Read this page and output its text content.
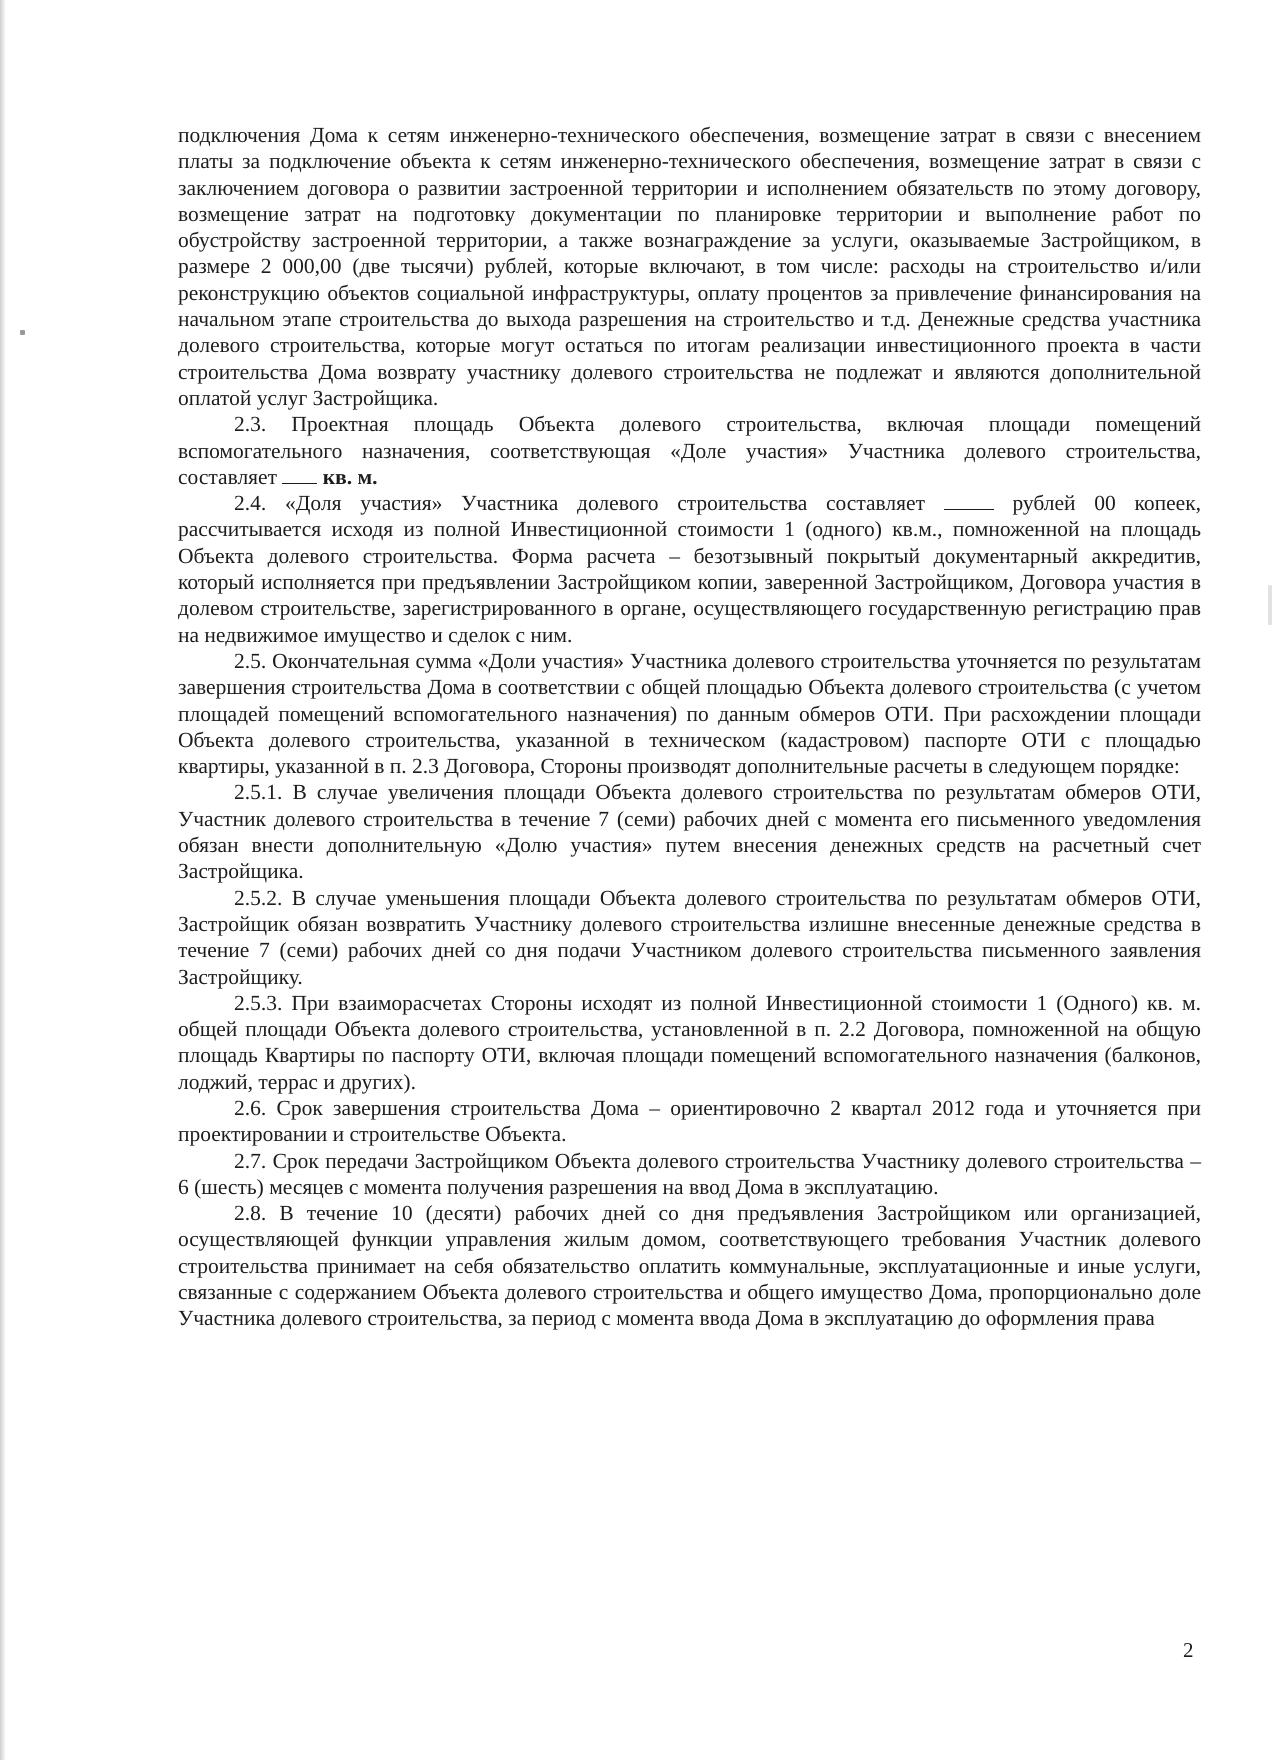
подключения Дома к сетям инженерно-технического обеспечения, возмещение затрат в связи с внесением платы за подключение объекта к сетям инженерно-технического обеспечения, возмещение затрат в связи с заключением договора о развитии застроенной территории и исполнением обязательств по этому договору, возмещение затрат на подготовку документации по планировке территории и выполнение работ по обустройству застроенной территории, а также вознаграждение за услуги, оказываемые Застройщиком, в размере 2 000,00 (две тысячи) рублей, которые включают, в том числе: расходы на строительство и/или реконструкцию объектов социальной инфраструктуры, оплату процентов за привлечение финансирования на начальном этапе строительства до выхода разрешения на строительство и т.д. Денежные средства участника долевого строительства, которые могут остаться по итогам реализации инвестиционного проекта в части строительства Дома возврату участнику долевого строительства не подлежат и являются дополнительной оплатой услуг Застройщика.

2.3. Проектная площадь Объекта долевого строительства, включая площади помещений вспомогательного назначения, соответствующая «Доле участия» Участника долевого строительства, составляет кв. м.

2.4. «Доля участия» Участника долевого строительства составляет	рублей 00 копеек, рассчитывается исходя из полной Инвестиционной стоимости 1 (одного) кв.м., помноженной на площадь Объекта долевого строительства. Форма расчета – безотзывный покрытый документарный аккредитив, который исполняется при предъявлении Застройщиком копии, заверенной Застройщиком, Договора участия в долевом строительстве, зарегистрированного в органе, осуществляющего государственную регистрацию прав на недвижимое имущество и сделок с ним.

2.5. Окончательная сумма «Доли участия» Участника долевого строительства уточняется по результатам завершения строительства Дома в соответствии с общей площадью Объекта долевого строительства (с учетом площадей помещений вспомогательного назначения) по данным обмеров ОТИ. При расхождении площади Объекта долевого строительства, указанной в техническом (кадастровом) паспорте ОТИ с площадью квартиры, указанной в п. 2.3 Договора, Стороны производят дополнительные расчеты в следующем порядке:

2.5.1. В случае увеличения площади Объекта долевого строительства по результатам обмеров ОТИ, Участник долевого строительства в течение 7 (семи) рабочих дней с момента его письменного уведомления обязан внести дополнительную «Долю участия» путем внесения денежных средств на расчетный счет Застройщика.

2.5.2. В случае уменьшения площади Объекта долевого строительства по результатам обмеров ОТИ, Застройщик обязан возвратить Участнику долевого строительства излишне внесенные денежные средства в течение 7 (семи) рабочих дней со дня подачи Участником долевого строительства письменного заявления Застройщику.

2.5.3. При взаиморасчетах Стороны исходят из полной Инвестиционной стоимости 1 (Одного) кв. м. общей площади Объекта долевого строительства, установленной в п. 2.2 Договора, помноженной на общую площадь Квартиры по паспорту ОТИ, включая площади помещений вспомогательного назначения (балконов, лоджий, террас и других).

2.6. Срок завершения строительства Дома – ориентировочно 2 квартал 2012 года и уточняется при проектировании и строительстве Объекта.

2.7. Срок передачи Застройщиком Объекта долевого строительства Участнику долевого строительства – 6 (шесть) месяцев с момента получения разрешения на ввод Дома в эксплуатацию.

2.8. В течение 10 (десяти) рабочих дней со дня предъявления Застройщиком или организацией, осуществляющей функции управления жилым домом, соответствующего требования Участник долевого строительства принимает на себя обязательство оплатить коммунальные, эксплуатационные и иные услуги, связанные с содержанием Объекта долевого строительства и общего имущество Дома, пропорционально доле Участника долевого строительства, за период с момента ввода Дома в эксплуатацию до оформления права

2
